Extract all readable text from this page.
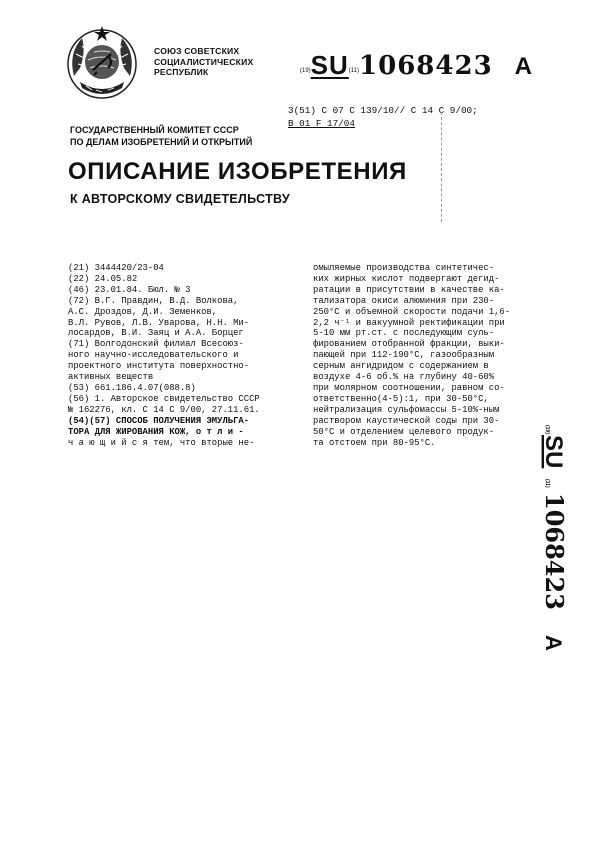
СОЮЗ СОВЕТСКИХ
СОЦИАЛИСТИЧЕСКИХ
РЕСПУБЛИК	(19)SU(11)1068423 A
3(51) C 07 C 139/10// C 14 C 9/00;
B 01 F 17/04
ГОСУДАРСТВЕННЫЙ КОМИТЕТ СССР
ПО ДЕЛАМ ИЗОБРЕТЕНИЙ И ОТКРЫТИЙ
ОПИСАНИЕ ИЗОБРЕТЕНИЯ
К АВТОРСКОМУ СВИДЕТЕЛЬСТВУ
(21) 3444420/23-04
(22) 24.05.82
(46) 23.01.84. Бюл. № 3
(72) В.Г. Правдин, В.Д. Волкова,
А.С. Дроздов, Д.И. Земенков,
В.Л. Рувов, Л.В. Уварова, Н.Н. Ми-
лосардов, В.И. Заяц и А.А. Борцег
(71) Волгодонский филиал Всесоюз-
ного научно-исследовательского и
проектного института поверхностно-
активных веществ
(53) 661.186.4.07(088.8)
(56) 1. Авторское свидетельство СССР
№ 162276, кл. С 14 С 9/00, 27.11.61.
(54)(57) СПОСОБ ПОЛУЧЕНИЯ ЭМУЛЬГА-
ТОРА ДЛЯ ЖИРОВАНИЯ КОЖ, о т л и -
ч а ю щ и й с я тем, что вторые не-
омыляемые производства синтетичес-
ких жирных кислот подвергают дегид-
ратации в присутствии в качестве ка-
тализатора окиси алюминия при 230-
250°С и объемной скорости подачи 1,6-
2,2 ч⁻¹ и вакуумной ректификации при
5-10 мм рт.ст. с последующим суль-
фированием отобранной фракции, выки-
пающей при 112-190°С, газообразным
серным ангидридом с содержанием в
воздухе 4-6 об.% на глубину 40-60%
при молярном соотношении, равном со-
ответственно(4-5):1, при 30-50°С,
нейтрализация сульфомассы 5-10%-ным
раствором каустической соды при 30-
50°С и отделением целевого продук-
та отстоем при 80-95°С.
(19)
SU
(11)
1068423
A
